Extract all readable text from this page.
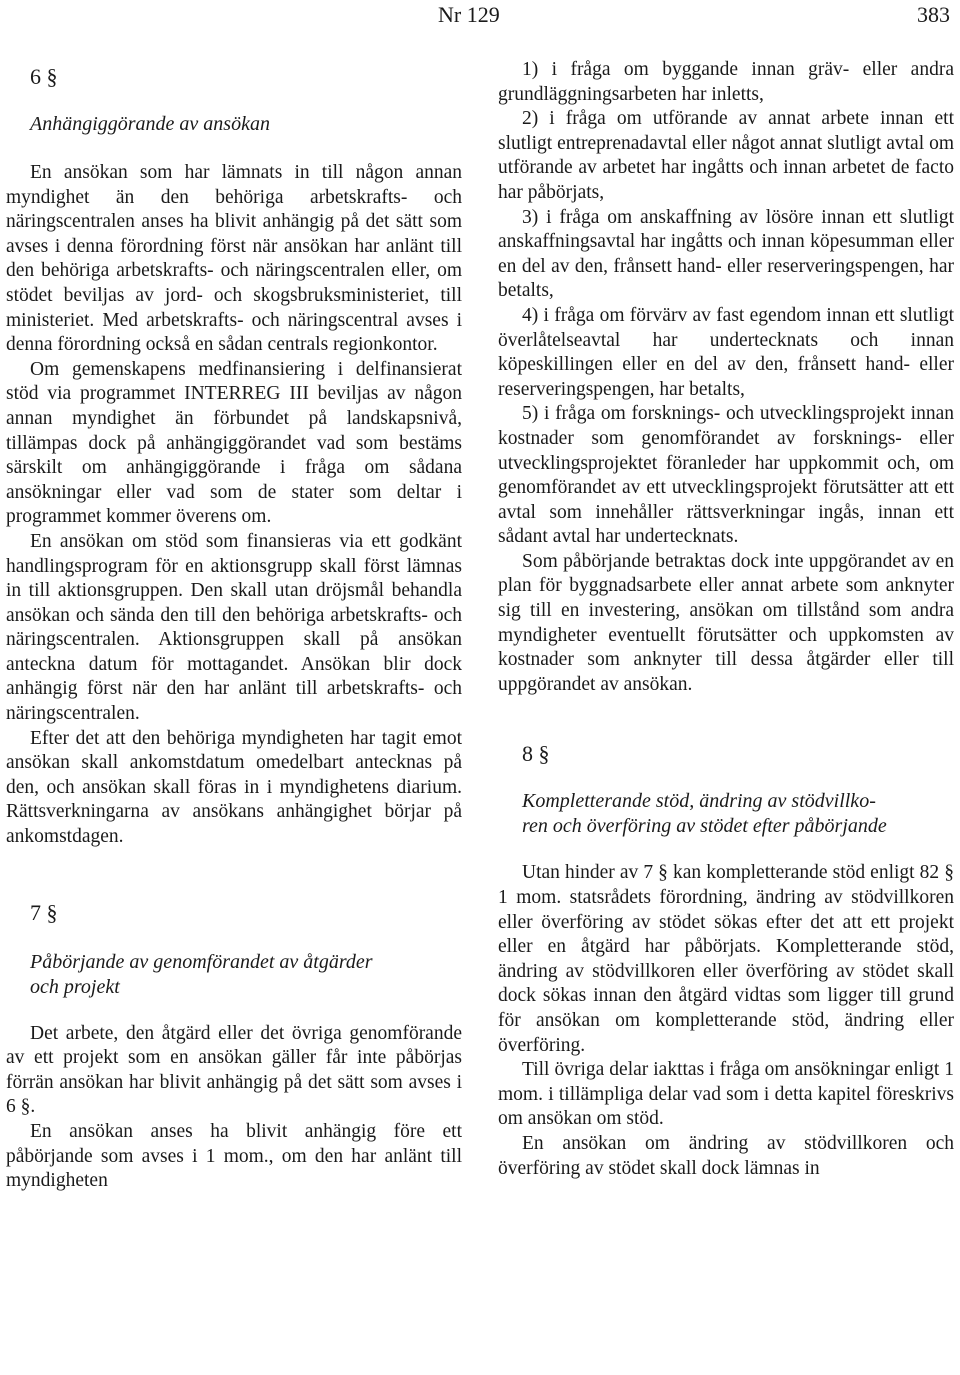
Nr 129	383

6 §

Anhängiggörande av ansökan

En ansökan som har lämnats in till någon annan myndighet än den behöriga arbetskrafts- och näringscentralen anses ha blivit anhängig på det sätt som avses i denna förordning först när ansökan har anlänt till den behöriga arbetskrafts- och näringscentralen eller, om stödet beviljas av jord- och skogsbruksministeriet, till ministeriet. Med arbetskrafts- och näringscentral avses i denna förordning också en sådan centrals regionkontor.

Om gemenskapens medfinansiering i delfinansierat stöd via programmet INTERREG III beviljas av någon annan myndighet än förbundet på landskapsnivå, tillämpas dock på anhängiggörandet vad som bestäms särskilt om anhängiggörande i fråga om sådana ansökningar eller vad som de stater som deltar i programmet kommer överens om.

En ansökan om stöd som finansieras via ett godkänt handlingsprogram för en aktionsgrupp skall först lämnas in till aktionsgruppen. Den skall utan dröjsmål behandla ansökan och sända den till den behöriga arbetskrafts- och näringscentralen. Aktionsgruppen skall på ansökan anteckna datum för mottagandet. Ansökan blir dock anhängig först när den har anlänt till arbetskrafts- och näringscentralen.

Efter det att den behöriga myndigheten har tagit emot ansökan skall ankomstdatum omedelbart antecknas på den, och ansökan skall föras in i myndighetens diarium. Rättsverkningarna av ansökans anhängighet börjar på ankomstdagen.

7 §

Påbörjande av genomförandet av åtgärder

och projekt

Det arbete, den åtgärd eller det övriga genomförande av ett projekt som en ansökan gäller får inte påbörjas förrän ansökan har blivit anhängig på det sätt som avses i 6 §.

En ansökan anses ha blivit anhängig före ett påbörjande som avses i 1 mom., om den har anlänt till myndigheten

1) i fråga om byggande innan gräv- eller andra grundläggningsarbeten har inletts,

2) i fråga om utförande av annat arbete innan ett slutligt entreprenadavtal eller något annat slutligt avtal om utförande av arbetet har ingåtts och innan arbetet de facto har påbörjats,

3) i fråga om anskaffning av lösöre innan ett slutligt anskaffningsavtal har ingåtts och innan köpesumman eller en del av den, frånsett hand- eller reserveringspengen, har betalts,

4) i fråga om förvärv av fast egendom innan ett slutligt överlåtelseavtal har undertecknats och innan köpeskillingen eller en del av den, frånsett hand- eller reserveringspengen, har betalts,

5) i fråga om forsknings- och utvecklingsprojekt innan kostnader som genomförandet av forsknings- eller utvecklingsprojektet föranleder har uppkommit och, om genomförandet av ett utvecklingsprojekt förutsätter att ett avtal som innehåller rättsverkningar ingås, innan ett sådant avtal har undertecknats.

Som påbörjande betraktas dock inte uppgörandet av en plan för byggnadsarbete eller annat arbete som anknyter sig till en investering, ansökan om tillstånd som andra myndigheter eventuellt förutsätter och uppkomsten av kostnader som anknyter till dessa åtgärder eller till uppgörandet av ansökan.

8 §

Kompletterande stöd, ändring av stödvillko-

ren och överföring av stödet efter påbörjande

Utan hinder av 7 § kan kompletterande stöd enligt 82 § 1 mom. statsrådets förordning, ändring av stödvillkoren eller överföring av stödet sökas efter det att ett projekt eller en åtgärd har påbörjats. Kompletterande stöd, ändring av stödvillkoren eller överföring av stödet skall dock sökas innan den åtgärd vidtas som ligger till grund för ansökan om kompletterande stöd, ändring eller överföring.

Till övriga delar iakttas i fråga om ansökningar enligt 1 mom. i tillämpliga delar vad som i detta kapitel föreskrivs om ansökan om stöd.

En ansökan om ändring av stödvillkoren och överföring av stödet skall dock lämnas in
